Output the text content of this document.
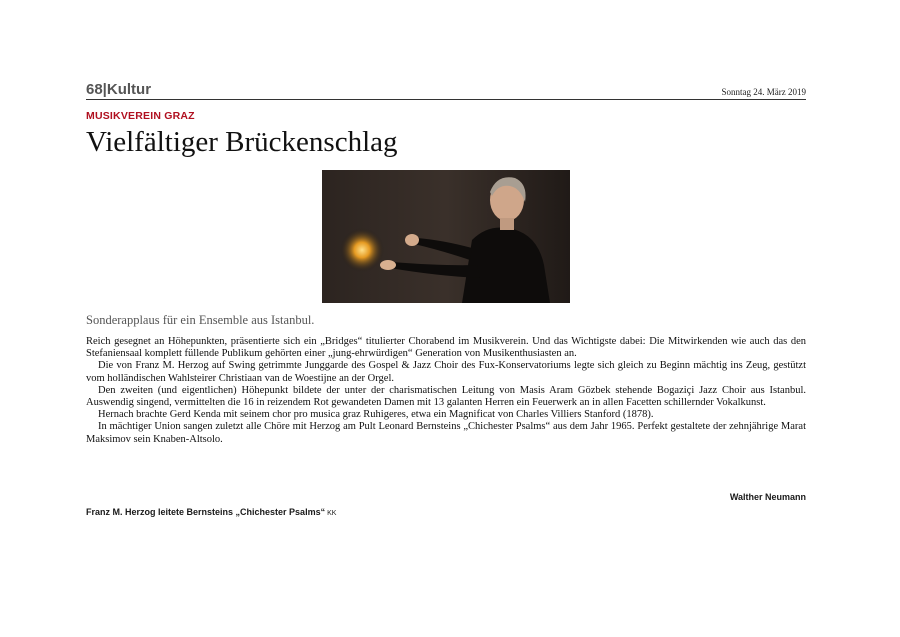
68|Kultur	Sonntag 24. März 2019
MUSIKVEREIN GRAZ
Vielfältiger Brückenschlag
Sonderapplaus für ein Ensemble aus Istanbul.

Reich gesegnet an Höhepunkten, präsentierte sich ein „Bridges“ titulierter Chorabend im Musikverein. Und das Wichtigste dabei: Die Mitwirkenden wie auch das den Stefaniensaal komplett füllende Publikum gehörten einer „jung-ehrwürdigen“ Generation von Musikenthusiasten an.

Die von Franz M. Herzog auf Swing getrimmte Junggarde des Gospel & Jazz Choir des Fux-Konservatoriums legte sich gleich zu Beginn mächtig ins Zeug, gestützt vom holländischen Wahlsteirer Christiaan van de Woestijne an der Orgel.

Den zweiten (und eigentlichen) Höhepunkt bildete der unter der charismatischen Leitung von Masis Aram Gözbek stehende Bogaziçi Jazz Choir aus Istanbul. Auswendig singend, vermittelten die 16 in reizendem Rot gewandeten Damen mit 13 galanten Herren ein Feuerwerk an in allen Facetten schillernder Vokalkunst.

Hernach brachte Gerd Kenda mit seinem chor pro musica graz Ruhigeres, etwa ein Magnificat von Charles Villiers Stanford (1878).

In mächtiger Union sangen zuletzt alle Chöre mit Herzog am Pult Leonard Bernsteins „Chichester Psalms“ aus dem Jahr 1965. Perfekt gestaltete der zehnjährige Marat Maksimov sein Knaben-Altsolo.

Walther Neumann
Franz M. Herzog leitete Bernsteins „Chichester Psalms“ KK
